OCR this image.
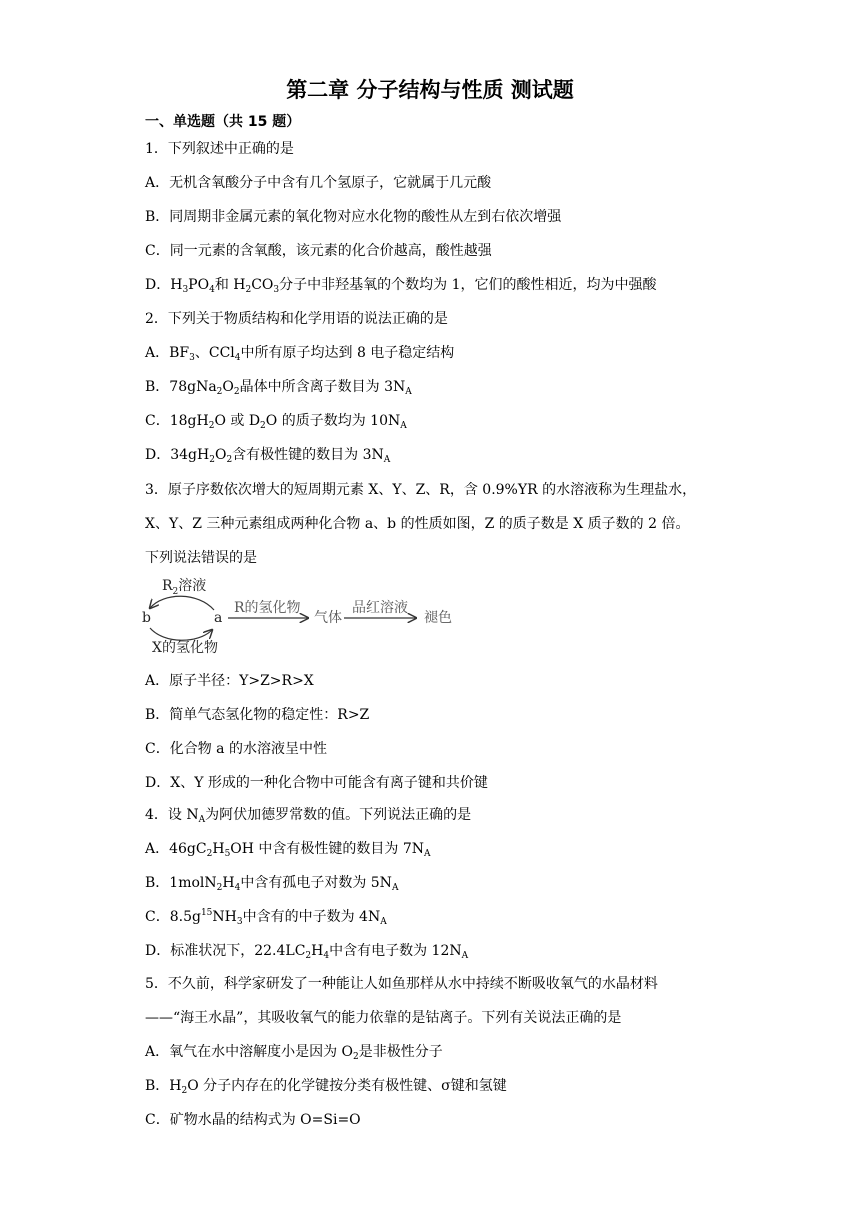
第二章 分子结构与性质 测试题
一、单选题（共 15 题）
1．下列叙述中正确的是
A．无机含氧酸分子中含有几个氢原子，它就属于几元酸
B．同周期非金属元素的氧化物对应水化物的酸性从左到右依次增强
C．同一元素的含氧酸，该元素的化合价越高，酸性越强
D．$H_3PO_4$和 $H_2CO_3$分子中非羟基氧的个数均为 1，它们的酸性相近，均为中强酸
2．下列关于物质结构和化学用语的说法正确的是
A．$BF_3$、CCl$_4$中所有原子均达到 8 电子稳定结构
B．$78gNa_2O_2$晶体中所含离子数目为 $3N_A$
C．$18gH_2O$ 或 $D_2O$ 的质子数均为 $10N_A$
D．$34gH_2O_2$含有极性键的数目为 $3N_A$
3．原子序数依次增大的短周期元素 X、Y、Z、R，含 0.9%YR 的水溶液称为生理盐水，
X、Y、Z 三种元素组成两种化合物 a、b 的性质如图，Z 的质子数是 X 质子数的 2 倍。
下列说法错误的是
A．原子半径：Y>Z>R>X
B．简单气态氢化物的稳定性：R>Z
C．化合物 a 的水溶液呈中性
D．X、Y 形成的一种化合物中可能含有离子键和共价键
4．设 $N_A$为阿伏加德罗常数的值。下列说法正确的是
A．$46gC_2H_5OH$ 中含有极性键的数目为 $7N_A$
B．$1molN_2H_4$中含有孤电子对数为 $5N_A$
C．$8.5g^{15}NH_3$中含有的中子数为 $4N_A$
D．标准状况下，$22.4LC_2H_4$中含有电子数为 $12N_A$
5．不久前，科学家研发了一种能让人如鱼那样从水中持续不断吸收氧气的水晶材料
——“海王水晶”，其吸收氧气的能力依靠的是钴离子。下列有关说法正确的是
A．氧气在水中溶解度小是因为 $O_2$是非极性分子
B．$H_2O$ 分子内存在的化学键按分类有极性键、σ键和氢键
C．矿物水晶的结构式为 O=Si=O
$R_2$溶液
b	a
X的氢化物
R的氢化物
气体
品红溶液
褪色
